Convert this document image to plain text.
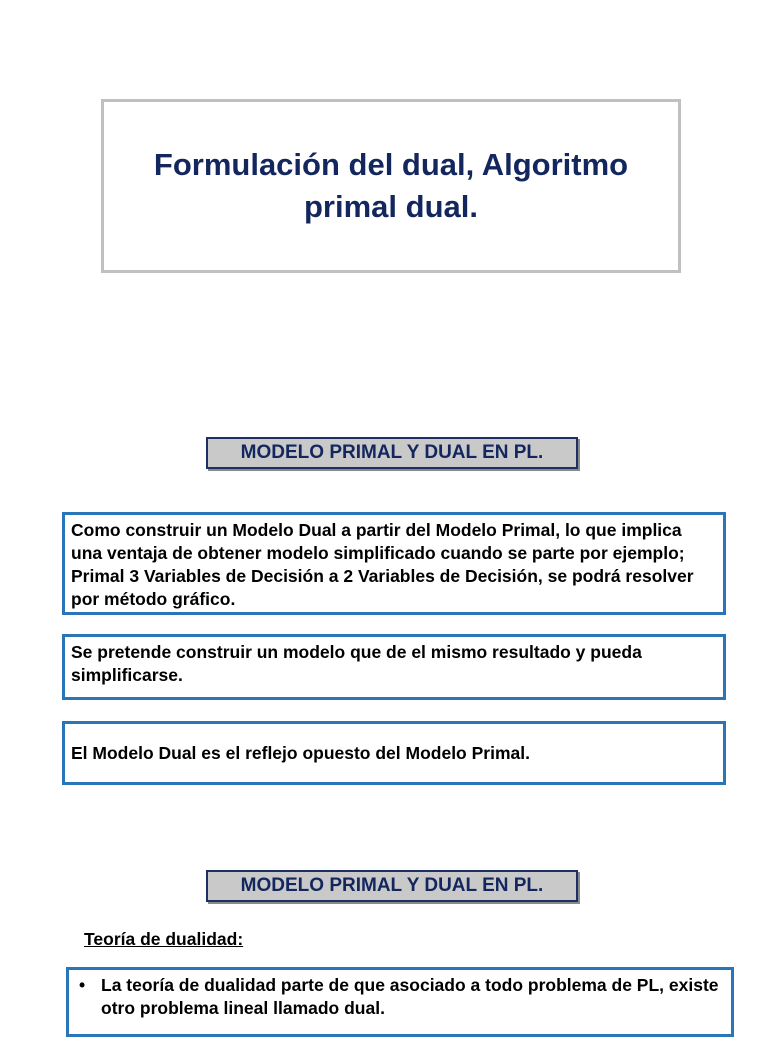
Formulación del dual, Algoritmo primal dual.
MODELO PRIMAL Y DUAL EN PL.
Como construir un Modelo Dual a partir del Modelo Primal, lo que implica una ventaja de obtener modelo simplificado cuando se parte por ejemplo; Primal 3 Variables de Decisión a 2 Variables de Decisión, se podrá resolver por método gráfico.
Se pretende construir un modelo que de el mismo resultado y pueda simplificarse.
El Modelo Dual es el reflejo opuesto del Modelo Primal.
MODELO PRIMAL Y DUAL EN PL.
Teoría de dualidad:
• La teoría de dualidad parte de que asociado a todo problema de PL, existe otro problema lineal llamado dual.
